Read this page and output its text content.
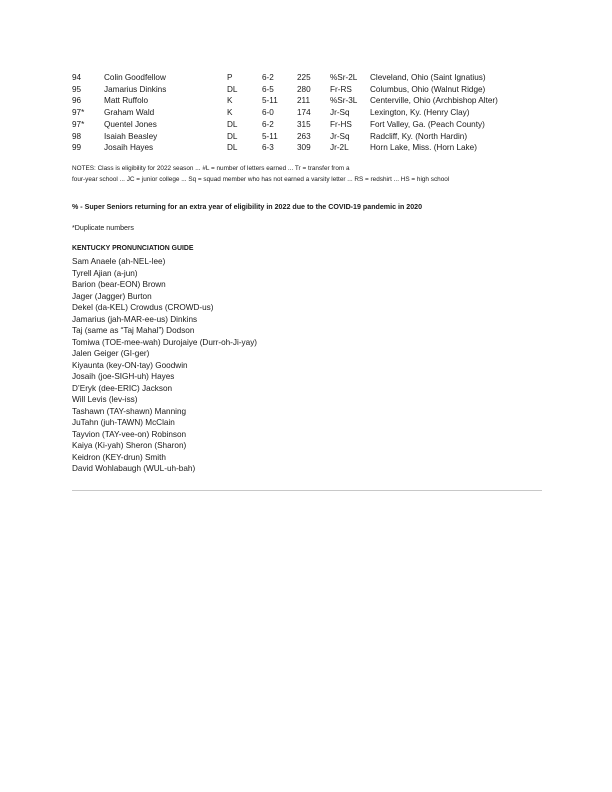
94	Colin Goodfellow	P	6-2	225	%Sr-2L	Cleveland, Ohio (Saint Ignatius)
95	Jamarius Dinkins	DL	6-5	280	Fr-RS	Columbus, Ohio (Walnut Ridge)
96	Matt Ruffolo	K	5-11	211	%Sr-3L	Centerville, Ohio (Archbishop Alter)
97*	Graham Wald	K	6-0	174	Jr-Sq	Lexington, Ky. (Henry Clay)
97*	Quentel Jones	DL	6-2	315	Fr-HS	Fort Valley, Ga. (Peach County)
98	Isaiah Beasley	DL	5-11	263	Jr-Sq	Radcliff, Ky. (North Hardin)
99	Josaih Hayes	DL	6-3	309	Jr-2L	Horn Lake, Miss. (Horn Lake)
NOTES: Class is eligibility for 2022 season ... #L = number of letters earned ... Tr = transfer from a
four-year school ... JC = junior college ... Sq = squad member who has not earned a varsity letter ... RS = redshirt ... HS = high school
% - Super Seniors returning for an extra year of eligibility in 2022 due to the COVID-19 pandemic in 2020
*Duplicate numbers
KENTUCKY PRONUNCIATION GUIDE
Sam Anaele (ah-NEL-lee)
Tyrell Ajian (a-jun)
Barion (bear-EON) Brown
Jager (Jagger) Burton
Dekel (da-KEL) Crowdus (CROWD-us)
Jamarius (jah-MAR-ee-us) Dinkins
Taj (same as “Taj Mahal”) Dodson
Tomiwa (TOE-mee-wah) Durojaiye (Durr-oh-Ji-yay)
Jalen Geiger (GI-ger)
Kiyaunta (key-ON-tay) Goodwin
Josaih (joe-SIGH-uh) Hayes
D’Eryk (dee-ERIC) Jackson
Will Levis (lev-iss)
Tashawn (TAY-shawn) Manning
JuTahn (juh-TAWN) McClain
Tayvion (TAY-vee-on) Robinson
Kaiya (Ki-yah) Sheron (Sharon)
Keidron (KEY-drun) Smith
David Wohlabaugh (WUL-uh-bah)
